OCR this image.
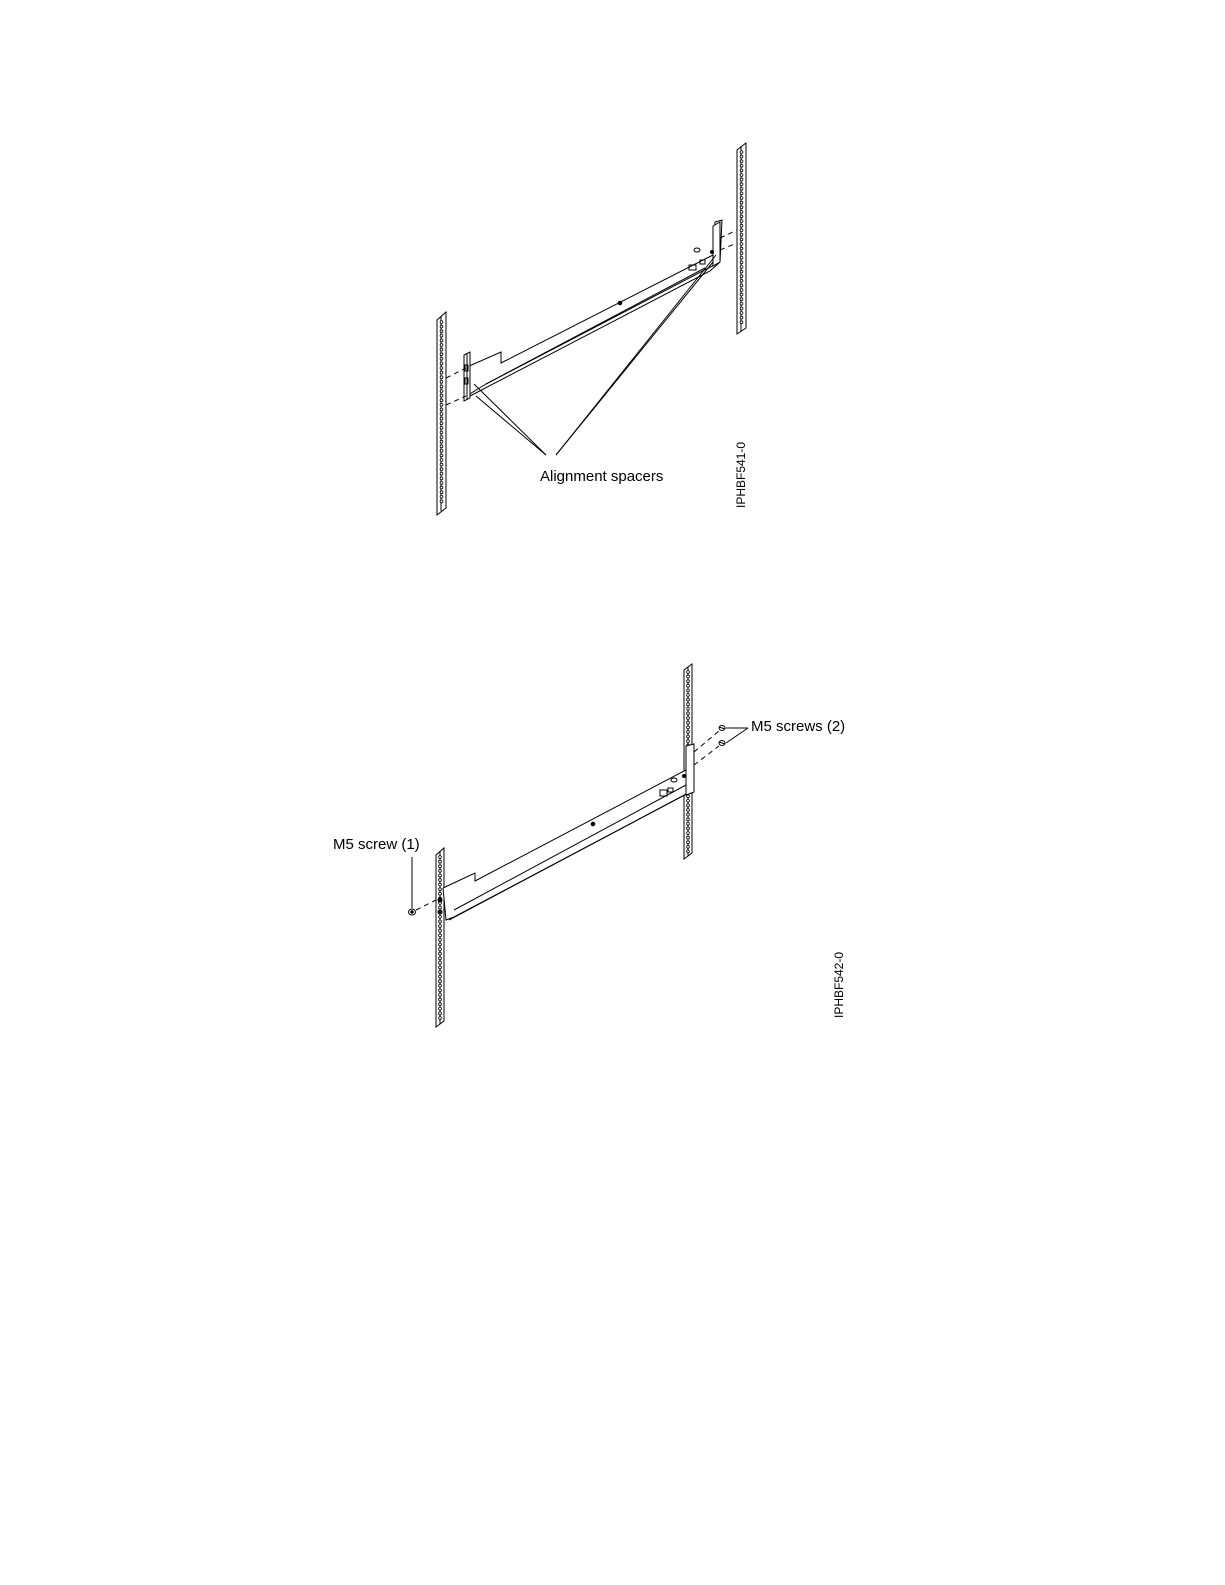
Alignment spacers	IPHBF541-0
M5 screws (2)
M5 screw (1)
IPHBF542-0
